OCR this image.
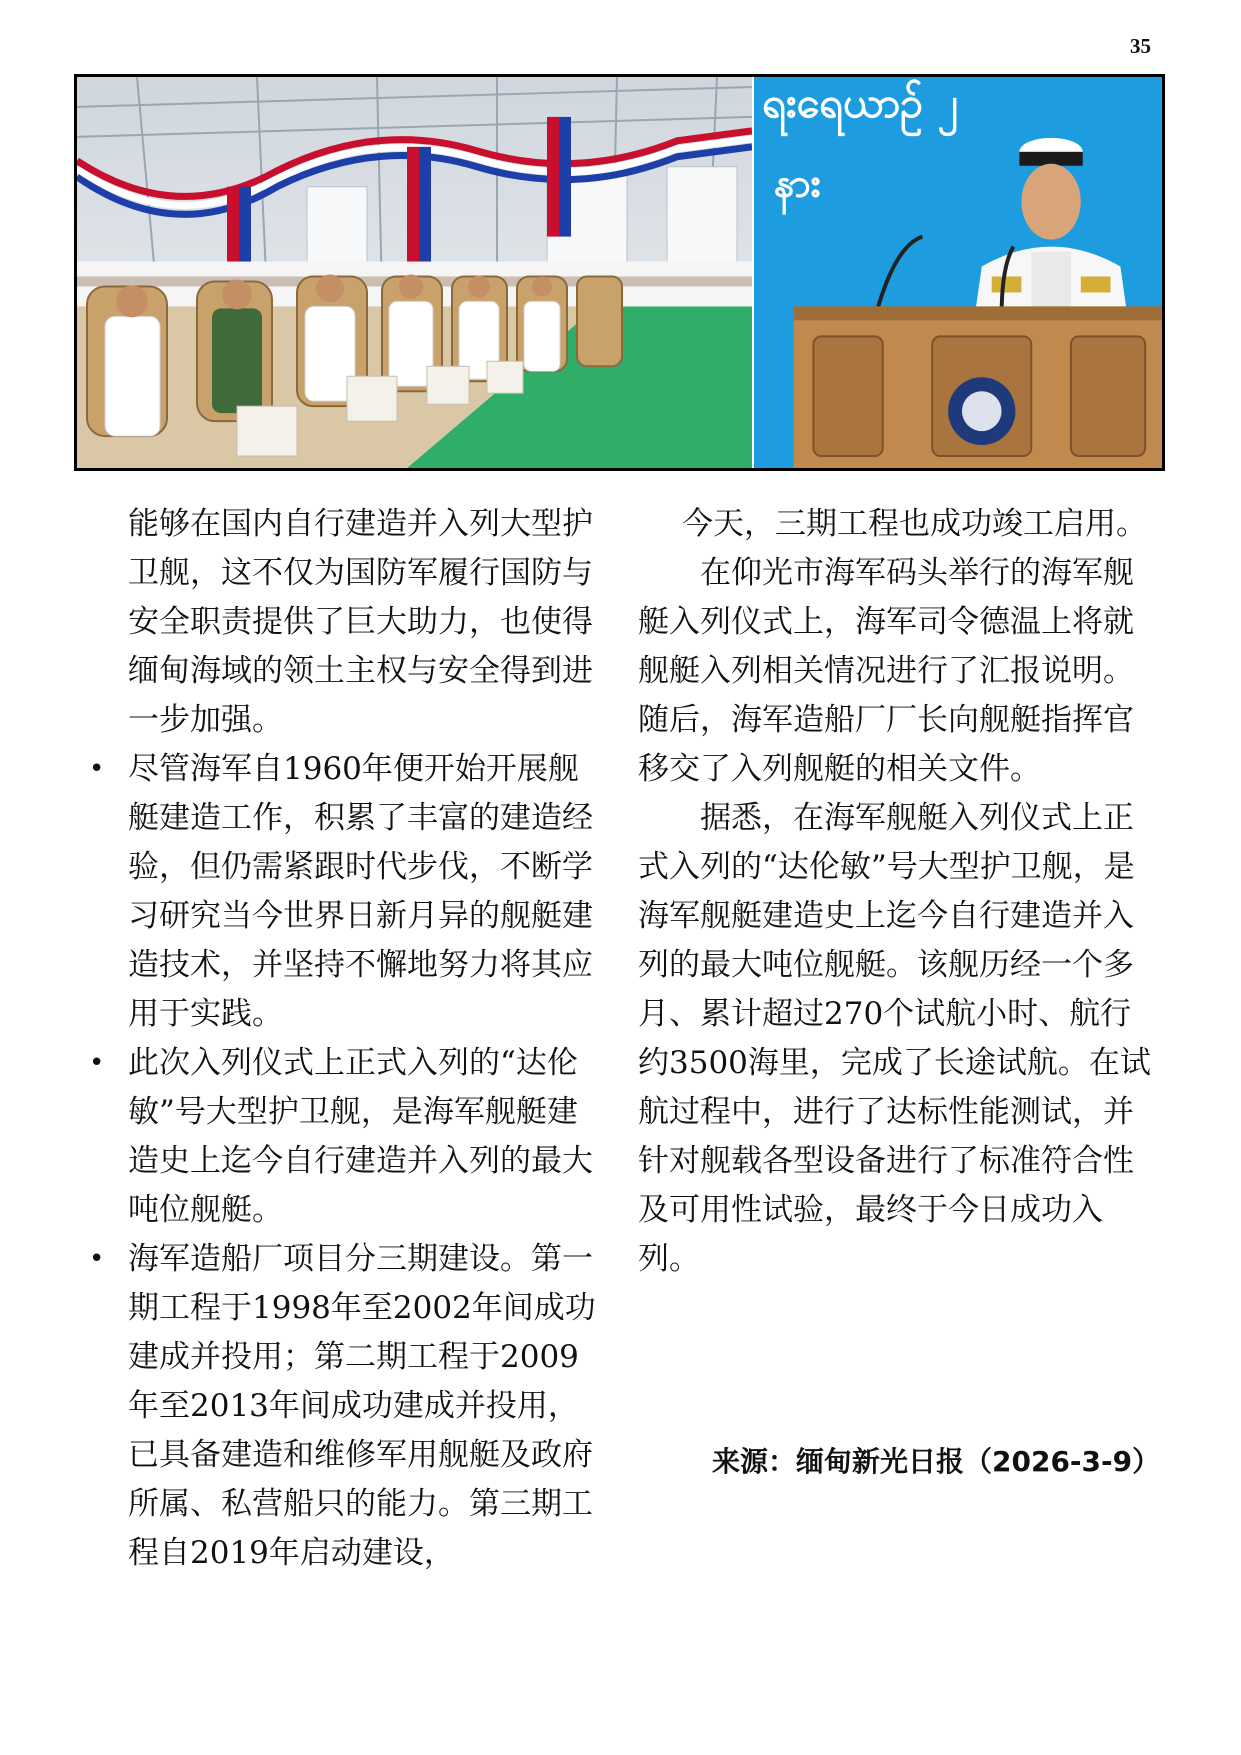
35
ရး‌ရေယာဉ် ၂
နား

能够在国内自行建造并入列大型护卫舰，这不仅为国防军履行国防与安全职责提供了巨大助力，也使得缅甸海域的领土主权与安全得到进一步加强。

• 尽管海军自1960年便开始开展舰艇建造工作，积累了丰富的建造经验，但仍需紧跟时代步伐，不断学习研究当今世界日新月异的舰艇建造技术，并坚持不懈地努力将其应用于实践。
• 此次入列仪式上正式入列的“达伦敏”号大型护卫舰，是海军舰艇建造史上迄今自行建造并入列的最大吨位舰艇。
• 海军造船厂项目分三期建设。第一期工程于1998年至2002年间成功建成并投用；第二期工程于2009年至2013年间成功建成并投用，已具备建造和维修军用舰艇及政府所属、私营船只的能力。第三期工程自2019年启动建设，

今天，三期工程也成功竣工启用。

在仰光市海军码头举行的海军舰艇入列仪式上，海军司令德温上将就舰艇入列相关情况进行了汇报说明。随后，海军造船厂厂长向舰艇指挥官移交了入列舰艇的相关文件。

据悉，在海军舰艇入列仪式上正式入列的“达伦敏”号大型护卫舰，是海军舰艇建造史上迄今自行建造并入列的最大吨位舰艇。该舰历经一个多月、累计超过270个试航小时、航行约3500海里，完成了长途试航。在试航过程中，进行了达标性能测试，并针对舰载各型设备进行了标准符合性及可用性试验，最终于今日成功入列。

来源：缅甸新光日报（2026-3-9）
